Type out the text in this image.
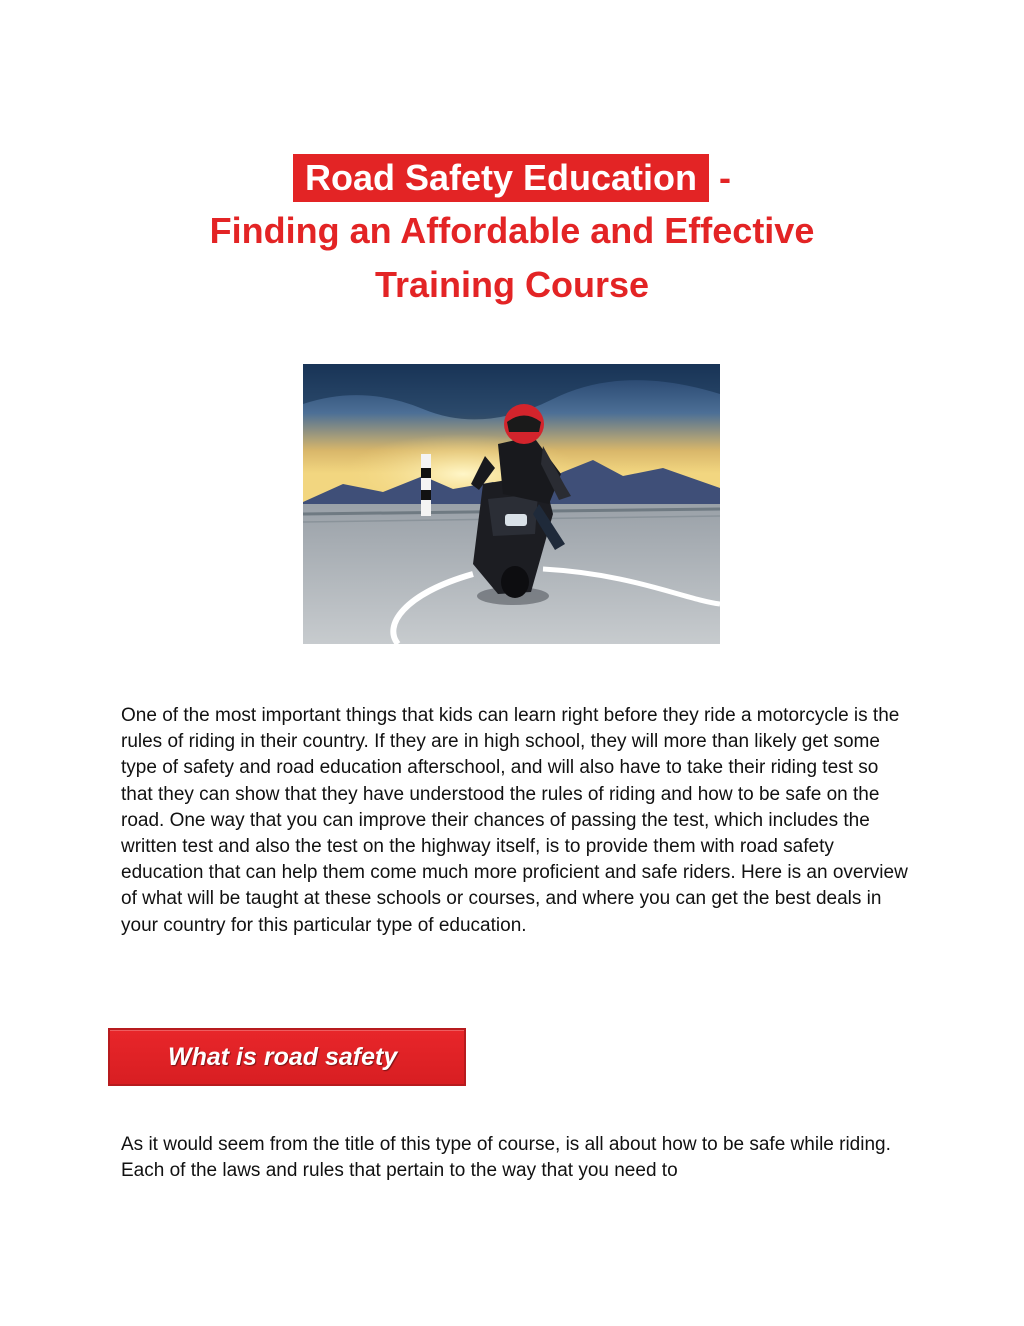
Road Safety Education -
Finding an Affordable and Effective
Training Course
One of the most important things that kids can learn right before they ride a motorcycle is the rules of riding in their country. If they are in high school, they will more than likely get some type of safety and road education afterschool, and will also have to take their riding test so that they can show that they have understood the rules of riding and how to be safe on the road. One way that you can improve their chances of passing the test, which includes the written test and also the test on the highway itself, is to provide them with road safety education that can help them come much more proficient and safe riders. Here is an overview of what will be taught at these schools or courses, and where you can get the best deals in your country for this particular type of education.
What is road safety
As it would seem from the title of this type of course, is all about how to be safe while riding. Each of the laws and rules that pertain to the way that you need to
